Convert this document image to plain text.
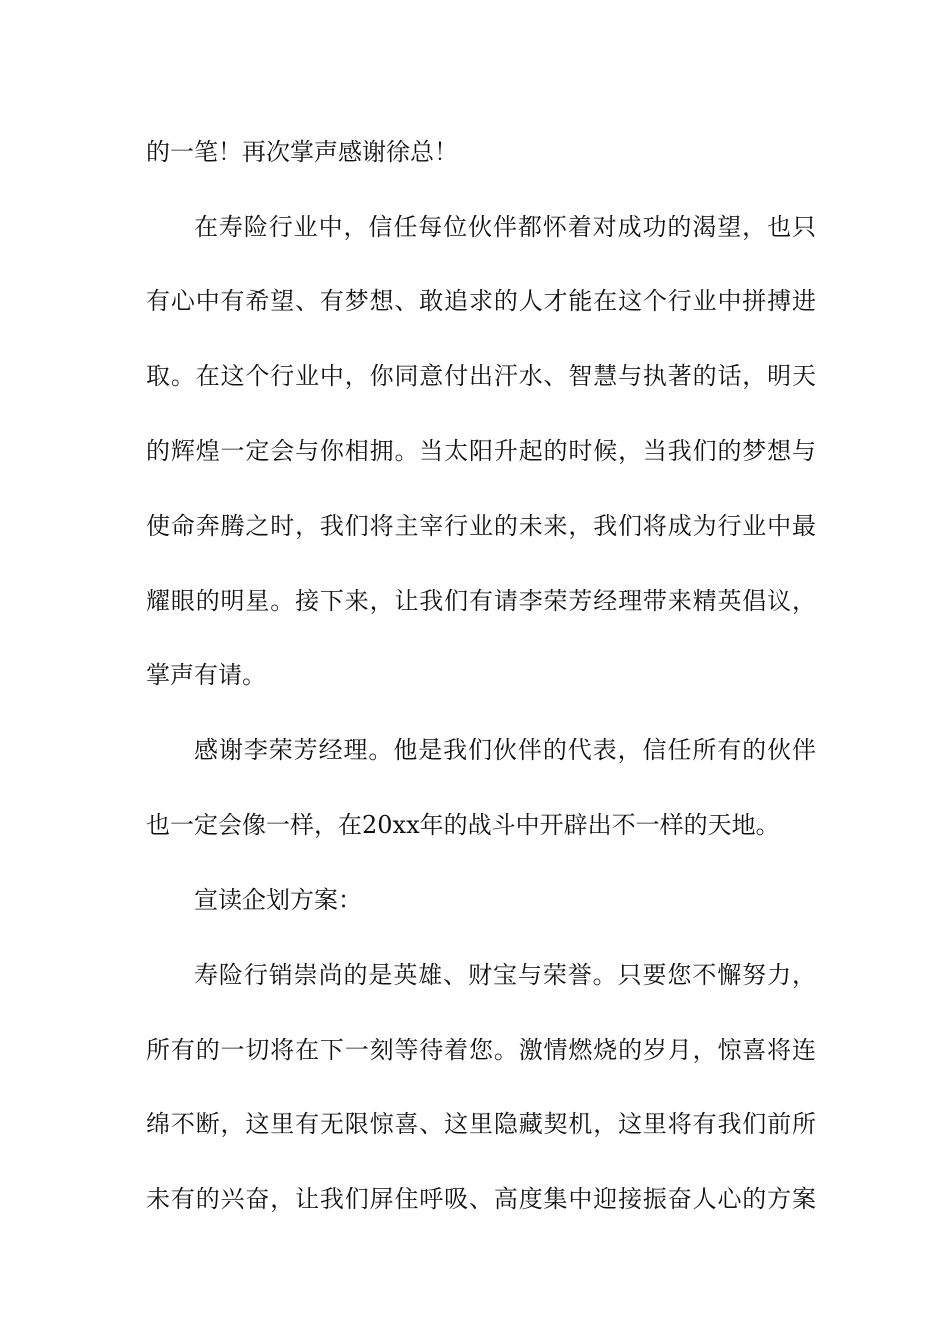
的一笔！再次掌声感谢徐总！
在寿险行业中，信任每位伙伴都怀着对成功的渴望，也只
有心中有希望、有梦想、敢追求的人才能在这个行业中拼搏进
取。在这个行业中，你同意付出汗水、智慧与执著的话，明天
的辉煌一定会与你相拥。当太阳升起的时候，当我们的梦想与
使命奔腾之时，我们将主宰行业的未来，我们将成为行业中最
耀眼的明星。接下来，让我们有请李荣芳经理带来精英倡议，
掌声有请。
感谢李荣芳经理。他是我们伙伴的代表，信任所有的伙伴
也一定会像一样，在20xx年的战斗中开辟出不一样的天地。
宣读企划方案：
寿险行销崇尚的是英雄、财宝与荣誉。只要您不懈努力，
所有的一切将在下一刻等待着您。激情燃烧的岁月，惊喜将连
绵不断，这里有无限惊喜、这里隐藏契机，这里将有我们前所
未有的兴奋，让我们屏住呼吸、高度集中迎接振奋人心的方案
